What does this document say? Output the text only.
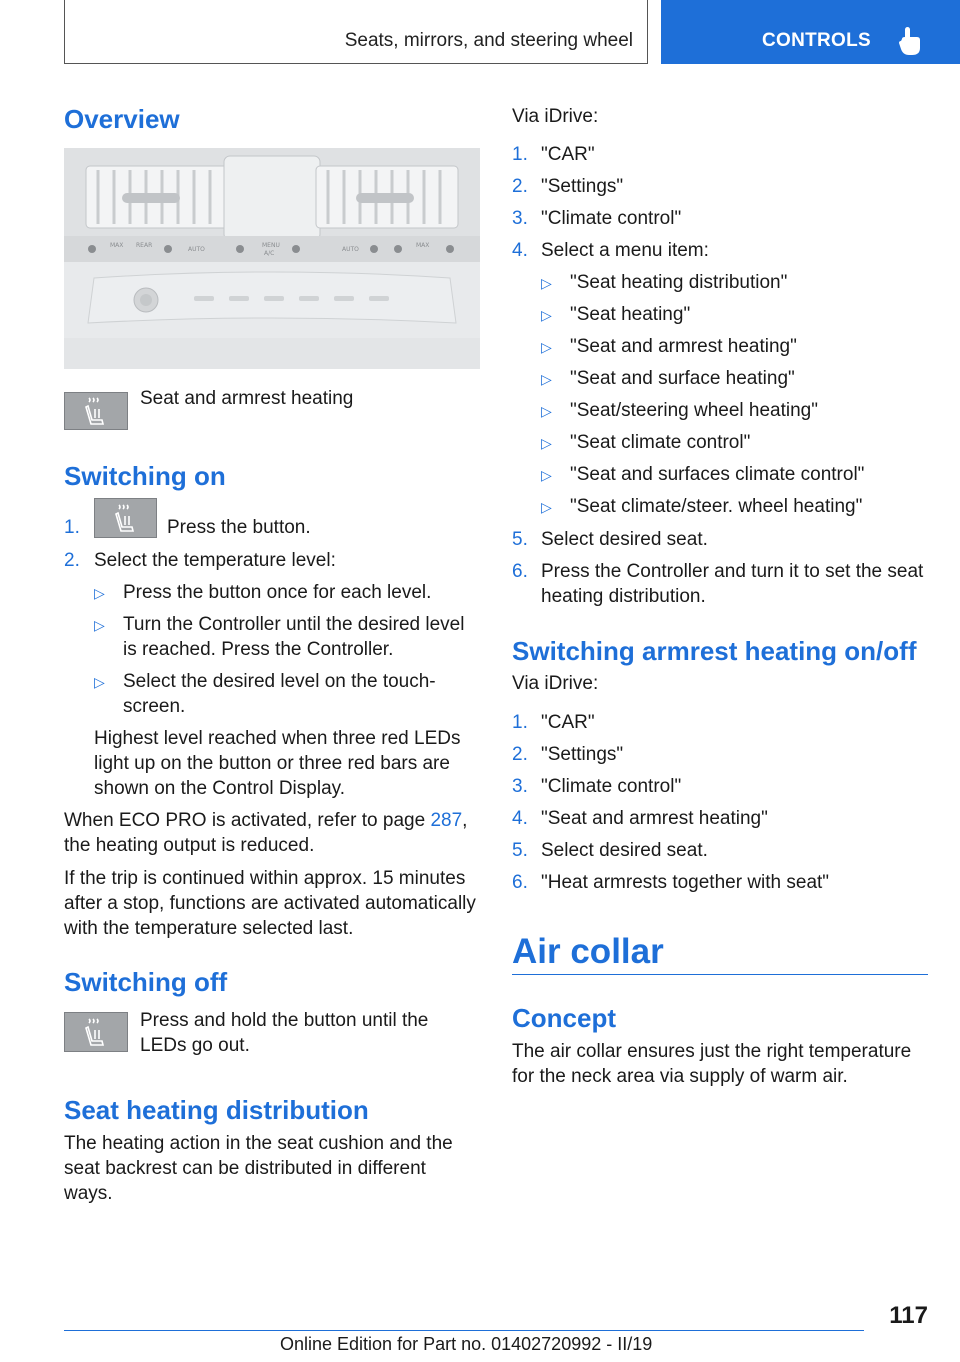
Seats, mirrors, and steering wheel	CONTROLS
Overview
MAX REAR
AUTO
MENU
A/C
AUTO
MAX
Seat and armrest heating
Switching on
1.	Press the button.
2. Select the temperature level:
▷ Press the button once for each level.
▷ Turn the Controller until the desired level
is reached. Press the Controller.
▷ Select the desired level on the touch‐
screen.
Highest level reached when three red LEDs
light up on the button or three red bars are
shown on the Control Display.
When ECO PRO is activated, refer to page 287,
the heating output is reduced.
If the trip is continued within approx. 15 minutes
after a stop, functions are activated automatically
with the temperature selected last.
Switching off
Press and hold the button until the
LEDs go out.
Seat heating distribution
The heating action in the seat cushion and the
seat backrest can be distributed in different
ways.
Via iDrive:
1. "CAR"
2. "Settings"
3. "Climate control"
4. Select a menu item:
▷ "Seat heating distribution"
▷ "Seat heating"
▷ "Seat and armrest heating"
▷ "Seat and surface heating"
▷ "Seat/steering wheel heating"
▷ "Seat climate control"
▷ "Seat and surfaces climate control"
▷ "Seat climate/steer. wheel heating"
5. Select desired seat.
6. Press the Controller and turn it to set the seat
heating distribution.
Switching armrest heating on/off
Via iDrive:
1. "CAR"
2. "Settings"
3. "Climate control"
4. "Seat and armrest heating"
5. Select desired seat.
6. "Heat armrests together with seat"
Air collar
Concept
The air collar ensures just the right temperature
for the neck area via supply of warm air.
117
Online Edition for Part no. 01402720992 - II/19
